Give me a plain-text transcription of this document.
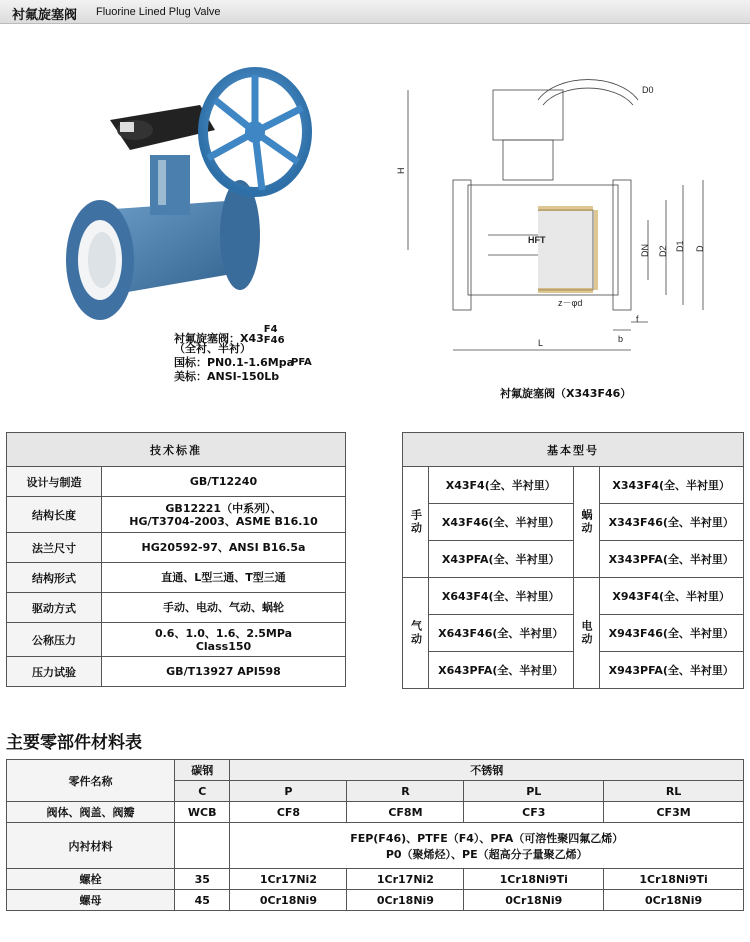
衬氟旋塞阀 Fluorine Lined Plug Valve
衬氟旋塞阀：X43
F4
F46
（全衬、半衬）
PFA
国标：PN0.1-1.6Mpa
美标：ANSI-150Lb
D0
H
DN D2 D1 D
HFT
z－φd
b
f
L
衬氟旋塞阀（X343F46）
技术标准	
设计与制造	GB/T12240
结构长度	GB12221（中系列）、
HG/T3704-2003、ASME B16.10

法兰尺寸	HG20592-97、ANSI B16.5a
结构形式	直通、L型三通、T型三通
驱动方式	手动、电动、气动、蜗轮
公称压力	0.6、1.0、1.6、2.5MPa
Class150

压力试验	GB/T13927 API598
基本型号			
手动	X43F4(全、半衬里）	蜗动	X343F4(全、半衬里）
	X43F46(全、半衬里）		X343F46(全、半衬里）
	X43PFA(全、半衬里）		X343PFA(全、半衬里）
气动	X643F4(全、半衬里）	电动	X943F4(全、半衬里）
	X643F46(全、半衬里）		X943F46(全、半衬里）
	X643PFA(全、半衬里）		X943PFA(全、半衬里）
主要零部件材料表
零件名称	碳钢	不锈钢			
	C	P	R	PL	RL
阀体、阀盖、阀瓣	WCB	CF8	CF8M	CF3	CF3M
内衬材料		FEP(F46)、PTFE（F4）、PFA（可溶性聚四氟乙烯）
P0（聚烯烃）、PE（超高分子量聚乙烯）			

螺栓	35	1Cr17Ni2	1Cr17Ni2	1Cr18Ni9Ti	1Cr18Ni9Ti
螺母	45	0Cr18Ni9	0Cr18Ni9	0Cr18Ni9	0Cr18Ni9
